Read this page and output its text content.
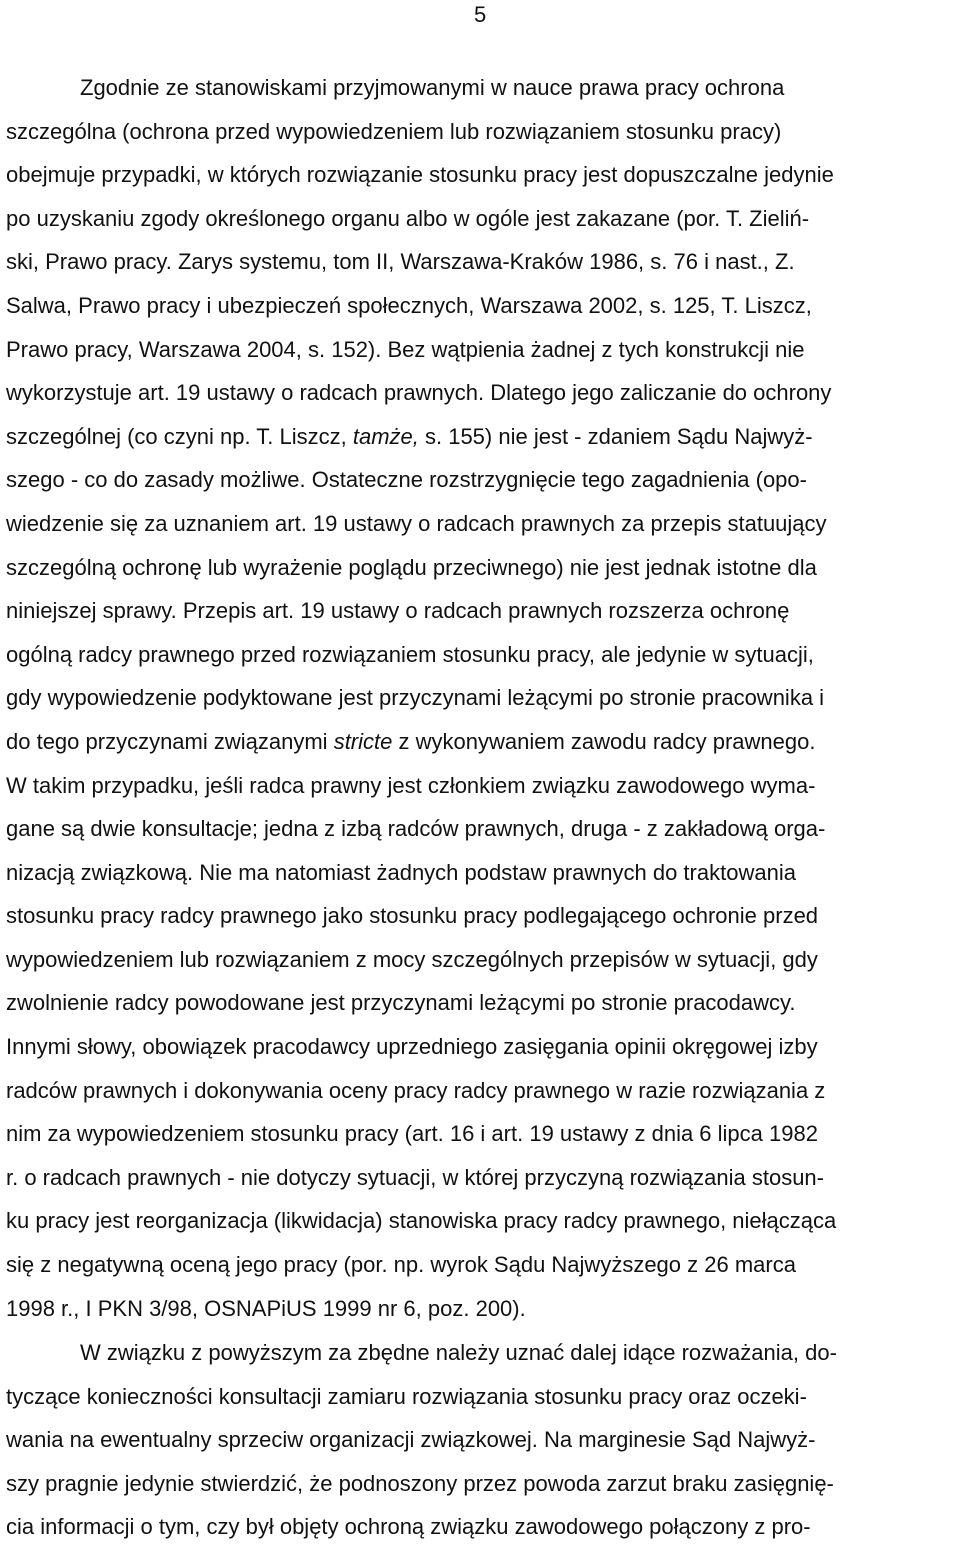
5
Zgodnie ze stanowiskami przyjmowanymi w nauce prawa pracy ochrona
szczególna (ochrona przed wypowiedzeniem lub rozwiązaniem stosunku pracy)
obejmuje przypadki, w których rozwiązanie stosunku pracy jest dopuszczalne jedynie
po uzyskaniu zgody określonego organu albo w ogóle jest zakazane (por. T. Zieliń-
ski, Prawo pracy. Zarys systemu, tom II, Warszawa-Kraków 1986, s. 76 i nast., Z.
Salwa, Prawo pracy i ubezpieczeń społecznych, Warszawa 2002, s. 125, T. Liszcz,
Prawo pracy, Warszawa 2004, s. 152). Bez wątpienia żadnej z tych konstrukcji nie
wykorzystuje art. 19 ustawy o radcach prawnych. Dlatego jego zaliczanie do ochrony
szczególnej (co czyni np. T. Liszcz, tamże, s. 155) nie jest - zdaniem Sądu Najwyż-
szego - co do zasady możliwe. Ostateczne rozstrzygnięcie tego zagadnienia (opo-
wiedzenie się za uznaniem art. 19 ustawy o radcach prawnych za przepis statuujący
szczególną ochronę lub wyrażenie poglądu przeciwnego) nie jest jednak istotne dla
niniejszej sprawy. Przepis art. 19 ustawy o radcach prawnych rozszerza ochronę
ogólną radcy prawnego przed rozwiązaniem stosunku pracy, ale jedynie w sytuacji,
gdy wypowiedzenie podyktowane jest przyczynami leżącymi po stronie pracownika i
do tego przyczynami związanymi stricte z wykonywaniem zawodu radcy prawnego.
W takim przypadku, jeśli radca prawny jest członkiem związku zawodowego wyma-
gane są dwie konsultacje; jedna z izbą radców prawnych, druga - z zakładową orga-
nizacją związkową. Nie ma natomiast żadnych podstaw prawnych do traktowania
stosunku pracy radcy prawnego jako stosunku pracy podlegającego ochronie przed
wypowiedzeniem lub rozwiązaniem z mocy szczególnych przepisów w sytuacji, gdy
zwolnienie radcy powodowane jest przyczynami leżącymi po stronie pracodawcy.
Innymi słowy, obowiązek pracodawcy uprzedniego zasięgania opinii okręgowej izby
radców prawnych i dokonywania oceny pracy radcy prawnego w razie rozwiązania z
nim za wypowiedzeniem stosunku pracy (art. 16 i art. 19 ustawy z dnia 6 lipca 1982
r. o radcach prawnych - nie dotyczy sytuacji, w której przyczyną rozwiązania stosun-
ku pracy jest reorganizacja (likwidacja) stanowiska pracy radcy prawnego, niełącząca
się z negatywną oceną jego pracy (por. np. wyrok Sądu Najwyższego z 26 marca
1998 r., I PKN 3/98, OSNAPiUS 1999 nr 6, poz. 200).
W związku z powyższym za zbędne należy uznać dalej idące rozważania, do-
tyczące konieczności konsultacji zamiaru rozwiązania stosunku pracy oraz oczeki-
wania na ewentualny sprzeciw organizacji związkowej. Na marginesie Sąd Najwyż-
szy pragnie jedynie stwierdzić, że podnoszony przez powoda zarzut braku zasięgnię-
cia informacji o tym, czy był objęty ochroną związku zawodowego połączony z pro-
